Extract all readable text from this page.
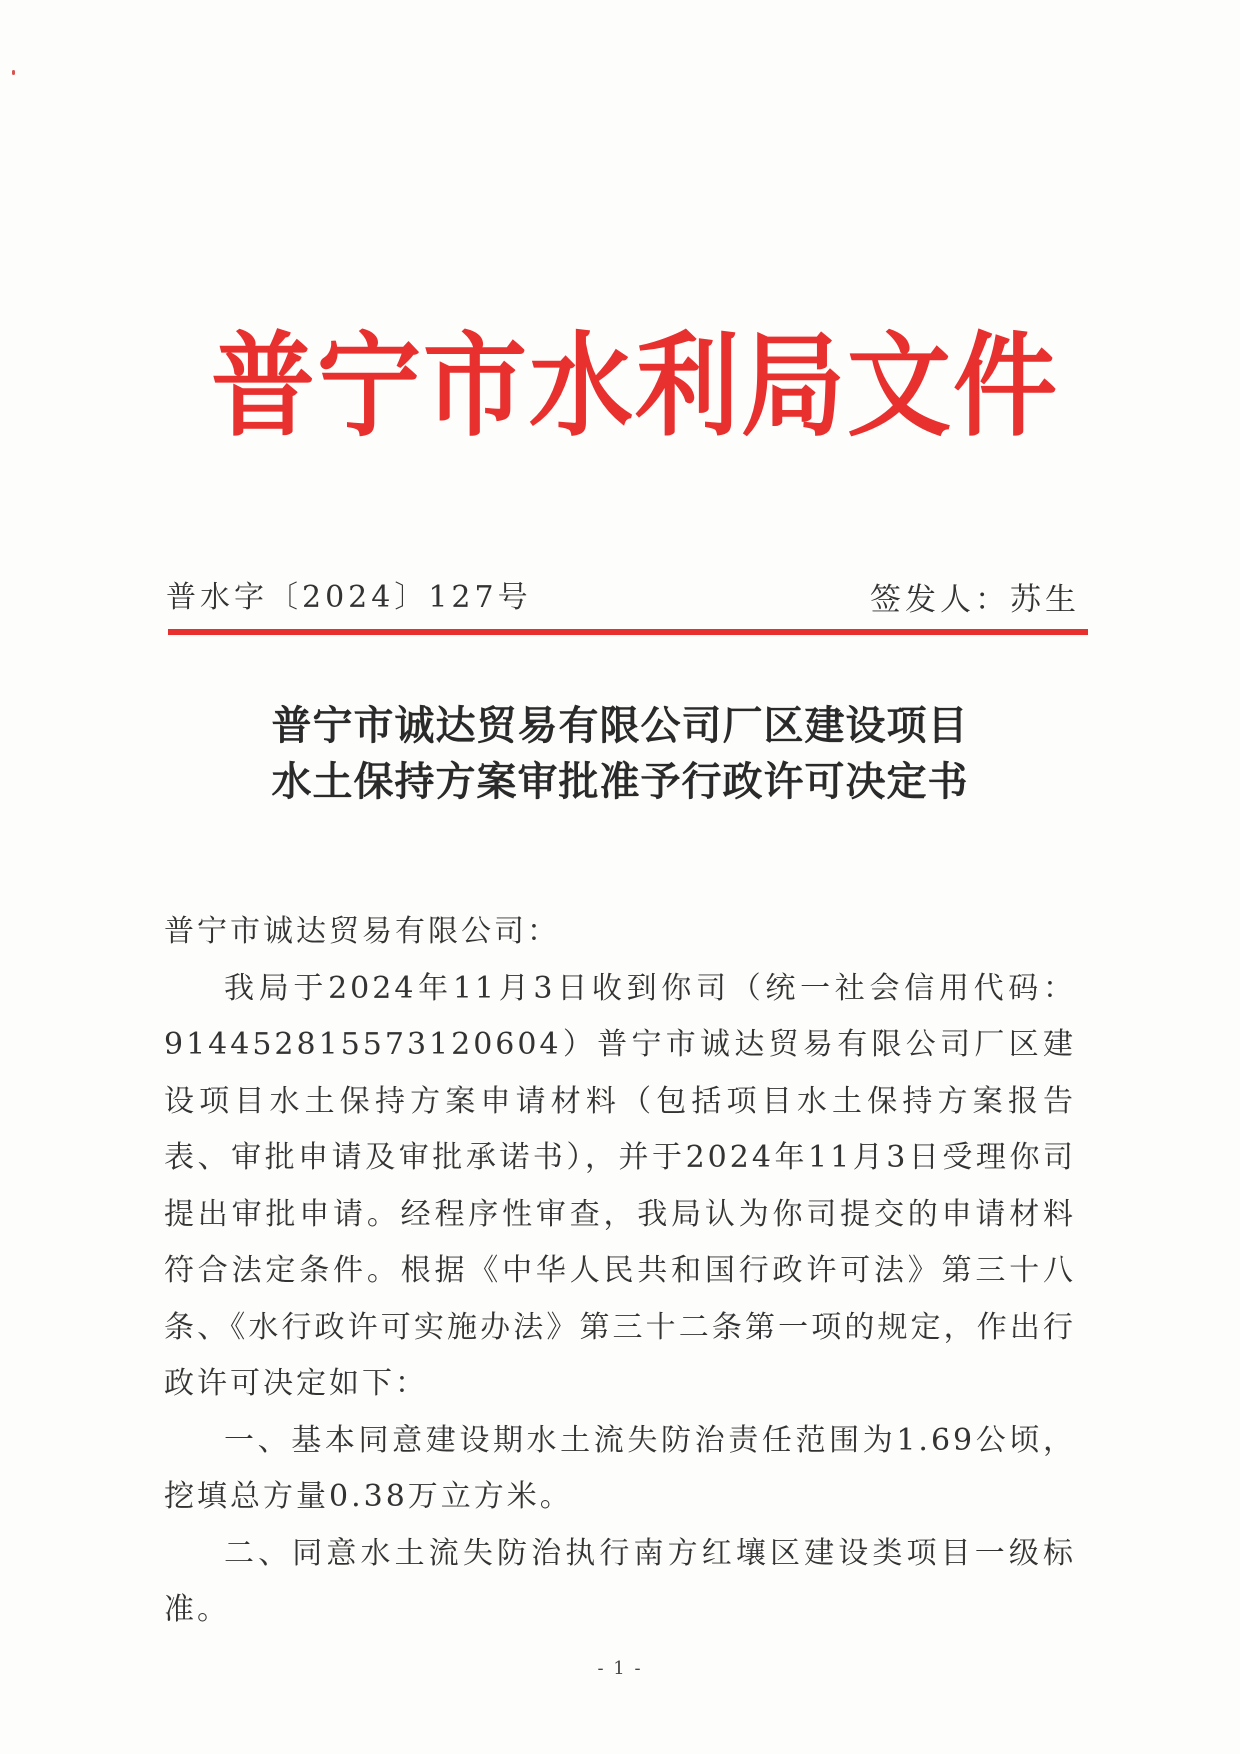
普宁市水利局文件
普水字〔2024〕127号	签发人：苏生
普宁市诚达贸易有限公司厂区建设项目
水土保持方案审批准予行政许可决定书

普宁市诚达贸易有限公司：

我局于2024年11月3日收到你司（统一社会信用代码：914452815573120604）普宁市诚达贸易有限公司厂区建设项目水土保持方案申请材料（包括项目水土保持方案报告表、审批申请及审批承诺书），并于2024年11月3日受理你司提出审批申请。经程序性审查，我局认为你司提交的申请材料符合法定条件。根据《中华人民共和国行政许可法》第三十八条、《水行政许可实施办法》第三十二条第一项的规定，作出行政许可决定如下：

一、基本同意建设期水土流失防治责任范围为1.69公顷，挖填总方量0.38万立方米。

二、同意水土流失防治执行南方红壤区建设类项目一级标准。

- 1 -
